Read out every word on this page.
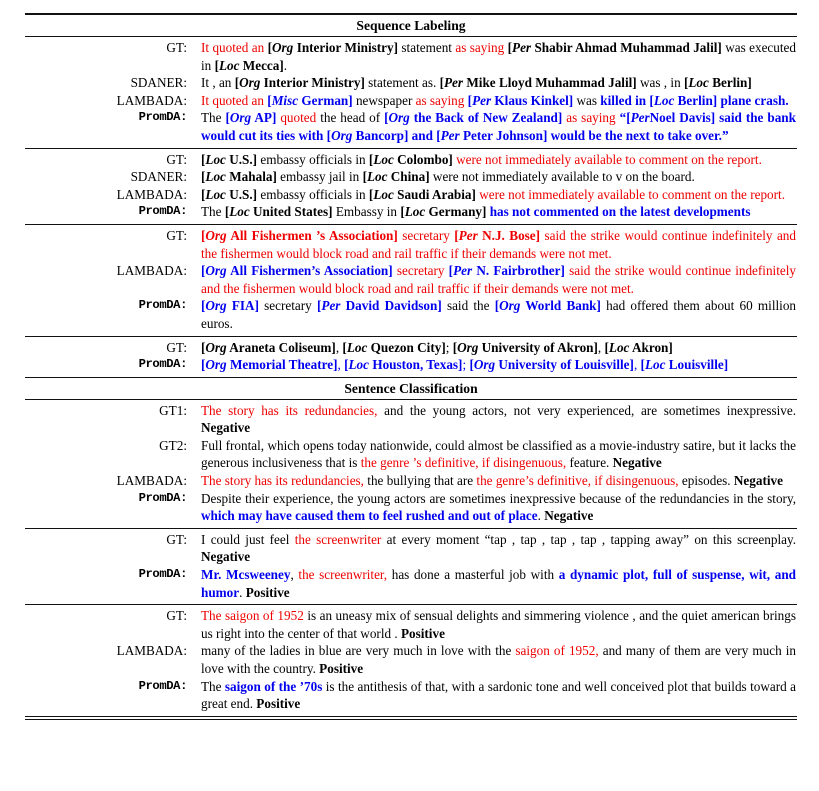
Sequence Labeling
GT: It quoted an [Org Interior Ministry] statement as saying [Per Shabir Ahmad Muhammad Jalil] was executed in [Loc Mecca].
SDANER: It , an [Org Interior Ministry] statement as. [Per Mike Lloyd Muhammad Jalil] was , in [Loc Berlin]
LAMBADA: It quoted an [Misc German] newspaper as saying [Per Klaus Kinkel] was killed in [Loc Berlin] plane crash.
PromDA: The [Org AP] quoted the head of [Org the Back of New Zealand] as saying “[PerNoel Davis] said the bank would cut its ties with [Org Bancorp] and [Per Peter Johnson] would be the next to take over.”
GT: [Loc U.S.] embassy officials in [Loc Colombo] were not immediately available to comment on the report.
SDANER: [Loc Mahala] embassy jail in [Loc China] were not immediately available to v on the board.
LAMBADA: [Loc U.S.] embassy officials in [Loc Saudi Arabia] were not immediately available to comment on the report.
PromDA: The [Loc United States] Embassy in [Loc Germany] has not commented on the latest developments
GT: [Org All Fishermen ’s Association] secretary [Per N.J. Bose] said the strike would continue indefinitely and the fishermen would block road and rail traffic if their demands were not met.
LAMBADA: [Org All Fishermen’s Association] secretary [Per N. Fairbrother] said the strike would continue indefinitely and the fishermen would block road and rail traffic if their demands were not met.
PromDA: [Org FIA] secretary [Per David Davidson] said the [Org World Bank] had offered them about 60 million euros.
GT: [Org Araneta Coliseum], [Loc Quezon City]; [Org University of Akron], [Loc Akron]
PromDA: [Org Memorial Theatre], [Loc Houston, Texas]; [Org University of Louisville], [Loc Louisville]
Sentence Classification
GT1: The story has its redundancies, and the young actors, not very experienced, are sometimes inexpressive. Negative
GT2: Full frontal, which opens today nationwide, could almost be classified as a movie-industry satire, but it lacks the generous inclusiveness that is the genre ’s definitive, if disingenuous, feature. Negative
LAMBADA: The story has its redundancies, the bullying that are the genre’s definitive, if disingenuous, episodes. Negative
PromDA: Despite their experience, the young actors are sometimes inexpressive because of the redundancies in the story, which may have caused them to feel rushed and out of place. Negative
GT: I could just feel the screenwriter at every moment “tap , tap , tap , tap , tapping away” on this screenplay. Negative
PromDA: Mr. Mcsweeney, the screenwriter, has done a masterful job with a dynamic plot, full of suspense, wit, and humor. Positive
GT: The saigon of 1952 is an uneasy mix of sensual delights and simmering violence , and the quiet american brings us right into the center of that world . Positive
LAMBADA: many of the ladies in blue are very much in love with the saigon of 1952, and many of them are very much in love with the country. Positive
PromDA: The saigon of the ’70s is the antithesis of that, with a sardonic tone and well conceived plot that builds toward a great end. Positive
